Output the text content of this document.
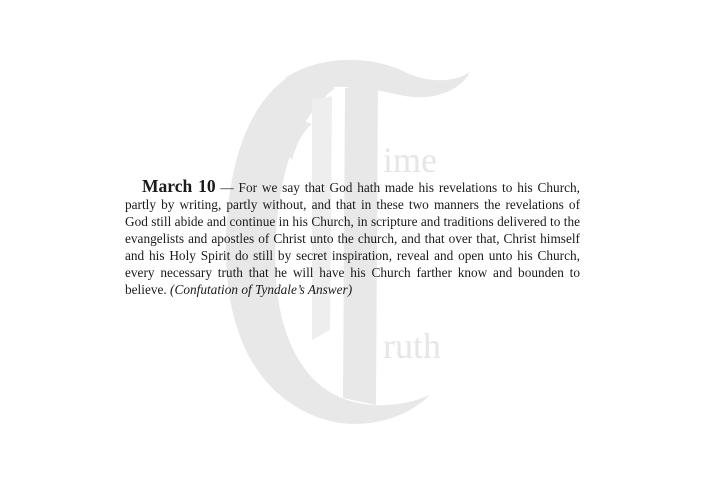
ime
ruth
March 10 — For we say that God hath made his revelations to his Church, partly by writing, partly without, and that in these two manners the revelations of God still abide and continue in his Church, in scripture and traditions delivered to the evangelists and apostles of Christ unto the church, and that over that, Christ himself and his Holy Spirit do still by secret inspiration, reveal and open unto his Church, every necessary truth that he will have his Church farther know and bounden to believe. (Confutation of Tyndale’s Answer)
